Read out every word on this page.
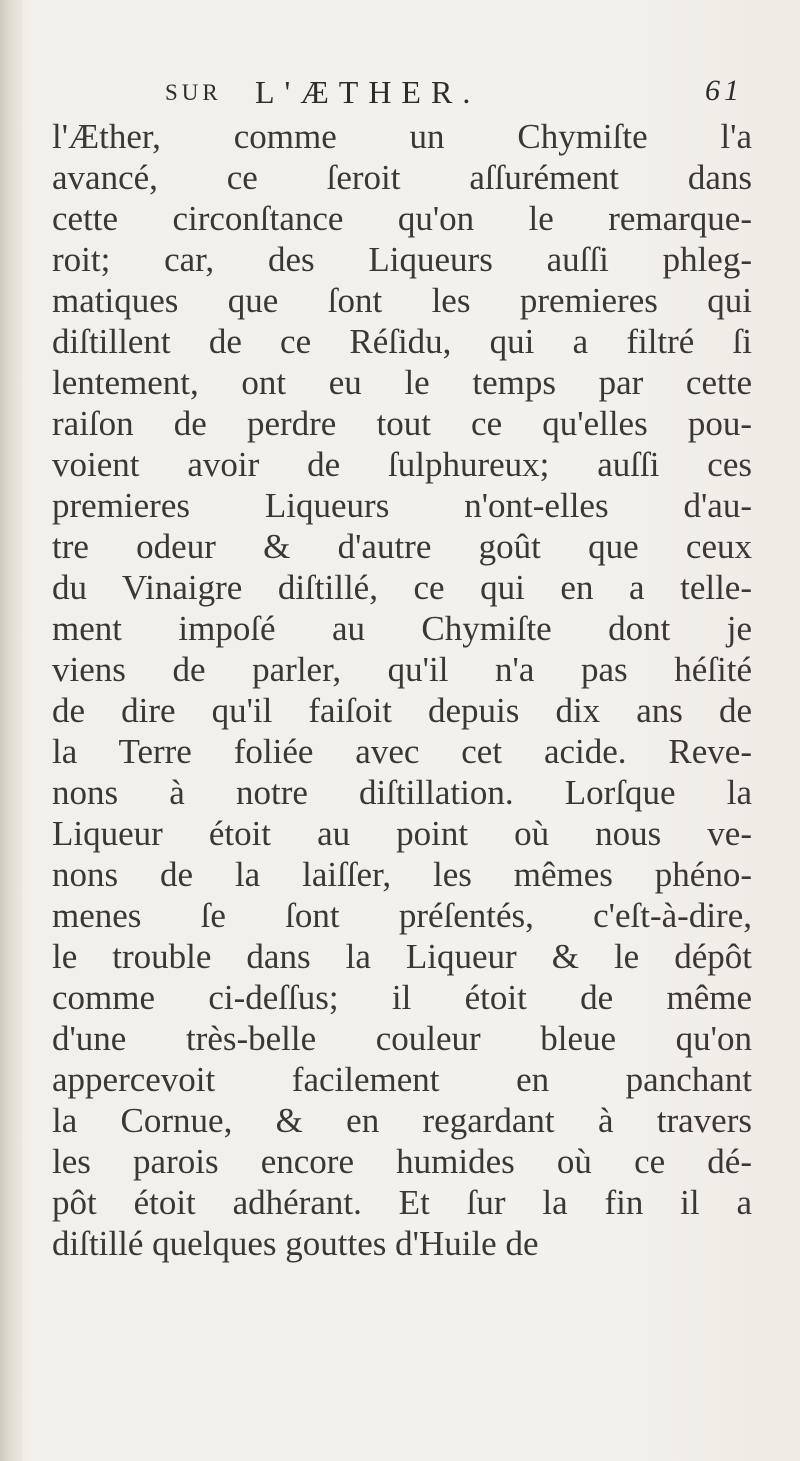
SUR L'ÆTHER.	61
l'Æther, comme un Chymiſte l'a
avancé, ce ſeroit aſſurément dans
cette circonſtance qu'on le remarque-
roit; car, des Liqueurs auſſi phleg-
matiques que ſont les premieres qui
diſtillent de ce Réſidu, qui a filtré ſi
lentement, ont eu le temps par cette
raiſon de perdre tout ce qu'elles pou-
voient avoir de ſulphureux; auſſi ces
premieres Liqueurs n'ont-elles d'au-
tre odeur & d'autre goût que ceux
du Vinaigre diſtillé, ce qui en a telle-
ment impoſé au Chymiſte dont je
viens de parler, qu'il n'a pas héſité
de dire qu'il faiſoit depuis dix ans de
la Terre foliée avec cet acide. Reve-
nons à notre diſtillation. Lorſque la
Liqueur étoit au point où nous ve-
nons de la laiſſer, les mêmes phéno-
menes ſe ſont préſentés, c'eſt-à-dire,
le trouble dans la Liqueur & le dépôt
comme ci-deſſus; il étoit de même
d'une très-belle couleur bleue qu'on
appercevoit facilement en panchant
la Cornue, & en regardant à travers
les parois encore humides où ce dé-
pôt étoit adhérant. Et ſur la fin il a
diſtillé quelques gouttes d'Huile de
